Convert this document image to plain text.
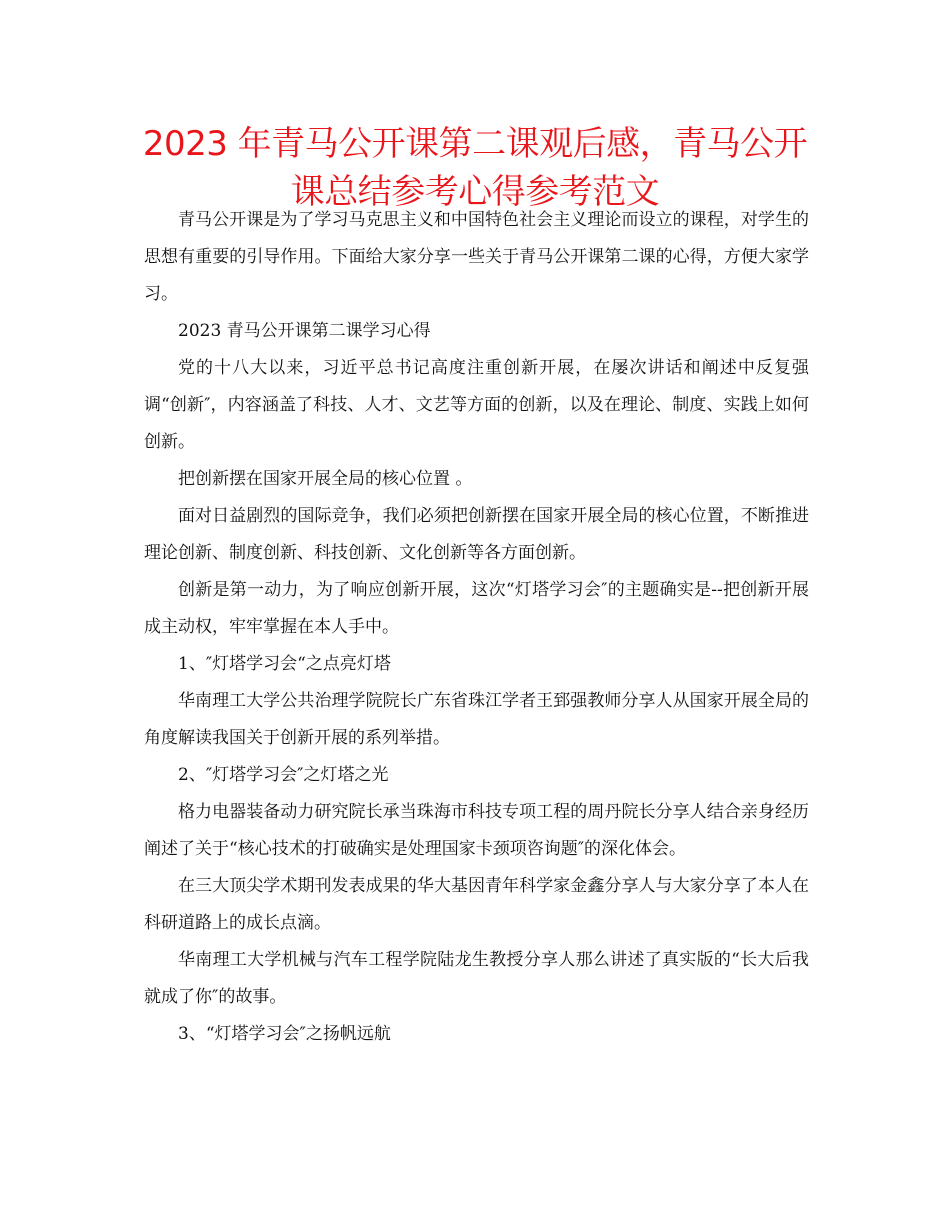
2023 年青马公开课第二课观后感，青马公开课总结参考心得参考范文

青马公开课是为了学习马克思主义和中国特色社会主义理论而设立的课程，对学生的思想有重要的引导作用。下面给大家分享一些关于青马公开课第二课的心得，方便大家学习。

2023 青马公开课第二课学习心得

党的十八大以来，习近平总书记高度注重创新开展，在屡次讲话和阐述中反复强调“创新″，内容涵盖了科技、人才、文艺等方面的创新，以及在理论、制度、实践上如何创新。

把创新摆在国家开展全局的核心位置 。

面对日益剧烈的国际竞争，我们必须把创新摆在国家开展全局的核心位置，不断推进理论创新、制度创新、科技创新、文化创新等各方面创新。

创新是第一动力，为了响应创新开展，这次“灯塔学习会″的主题确实是--把创新开展成主动权，牢牢掌握在本人手中。

1、″灯塔学习会“之点亮灯塔

华南理工大学公共治理学院院长广东省珠江学者王郅强教师分享人从国家开展全局的角度解读我国关于创新开展的系列举措。

2、″灯塔学习会″之灯塔之光

格力电器装备动力研究院长承当珠海市科技专项工程的周丹院长分享人结合亲身经历阐述了关于“核心技术的打破确实是处理国家卡颈项咨询题″的深化体会。

在三大顶尖学术期刊发表成果的华大基因青年科学家金鑫分享人与大家分享了本人在科研道路上的成长点滴。

华南理工大学机械与汽车工程学院陆龙生教授分享人那么讲述了真实版的“长大后我就成了你″的故事。

3、“灯塔学习会″之扬帆远航
